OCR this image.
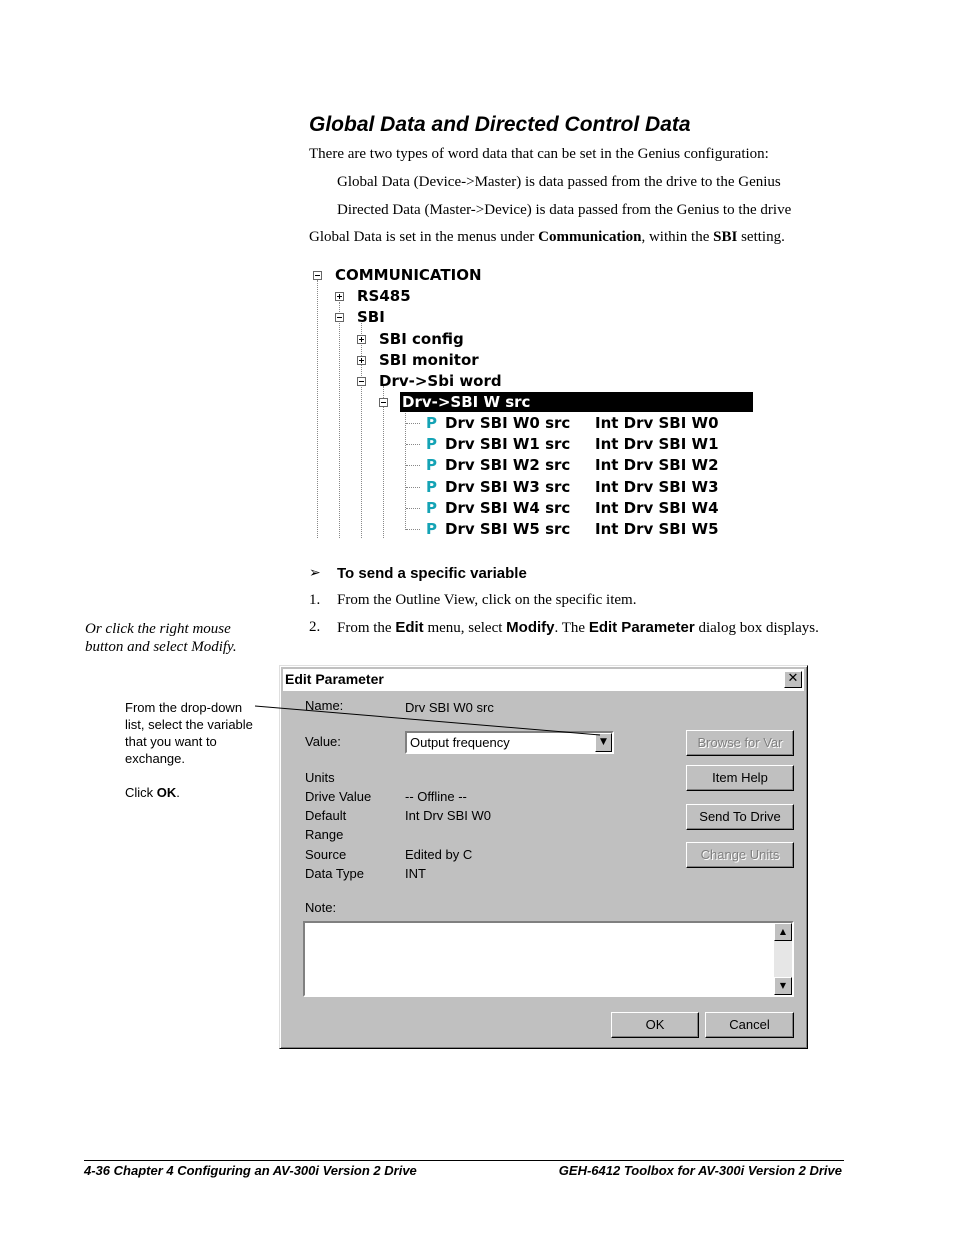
Global Data and Directed Control Data
There are two types of word data that can be set in the Genius configuration:
Global Data (Device->Master) is data passed from the drive to the Genius
Directed Data (Master->Device) is data passed from the Genius to the drive
Global Data is set in the menus under Communication, within the SBI setting.
COMMUNICATION
RS485
SBI
SBI config
SBI monitor
Drv->Sbi word
Drv->SBI W src
P Drv SBI W0 src Int Drv SBI W0
P Drv SBI W1 src Int Drv SBI W1
P Drv SBI W2 src Int Drv SBI W2
P Drv SBI W3 src Int Drv SBI W3
P Drv SBI W4 src Int Drv SBI W4
P Drv SBI W5 src Int Drv SBI W5
➢ To send a specific variable
1. From the Outline View, click on the specific item.
2. From the Edit menu, select Modify. The Edit Parameter dialog box displays.
Or click the right mouse
button and select Modify.
From the drop-down
list, select the variable
that you want to
exchange.
Click OK.
Edit Parameter	✕
Name:	Drv SBI W0 src
Value:	Output frequency	▼
Units
Drive Value	-- Offline --
Default	Int Drv SBI W0
Range
Source	Edited by C
Data Type	INT
Browse for Var
Item Help
Send To Drive
Change Units
Note:
▲
▼
OK	Cancel
4-36 Chapter 4 Configuring an AV-300i Version 2 Drive	GEH-6412 Toolbox for AV-300i Version 2 Drive
